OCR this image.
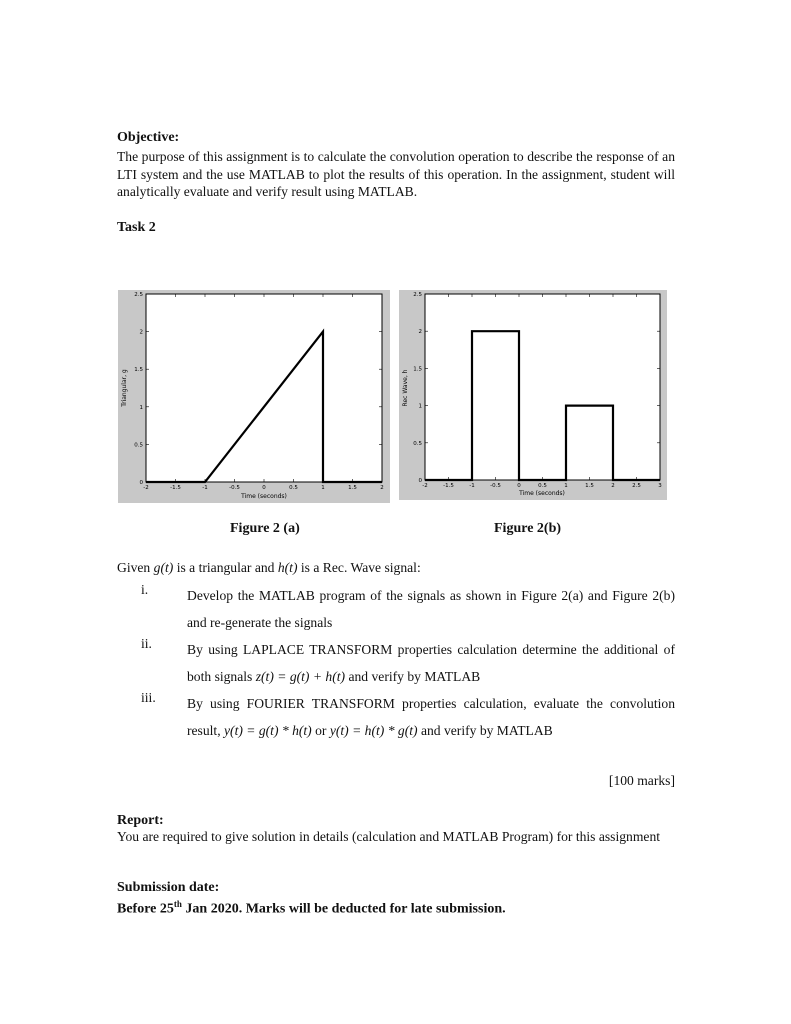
Objective:
The purpose of this assignment is to calculate the convolution operation to describe the response of an LTI system and the use MATLAB to plot the results of this operation. In the assignment, student will analytically evaluate and verify result using MATLAB.
Task 2
-2	-1.5	-1	-0.5	0	0.5	1	1.5	2
0
0.5
1
1.5
2
2.5
Triangular, g
Time (seconds)
-2	-1.5	-1	-0.5	0	0.5	1	1.5	2	2.5	3
0
0.5
1
1.5
2
2.5
Rec Wave, h
Time (seconds)
Figure 2 (a)	Figure 2(b)
Given g(t) is a triangular and h(t) is a Rec. Wave signal:
i.	Develop the MATLAB program of the signals as shown in Figure 2(a) and Figure 2(b) and re-generate the signals
ii.	By using LAPLACE TRANSFORM properties calculation determine the additional of both signals z(t) = g(t) + h(t) and verify by MATLAB
iii. By using FOURIER TRANSFORM properties calculation, evaluate the convolution result, y(t) = g(t) * h(t) or y(t) = h(t) * g(t) and verify by MATLAB
[100 marks]
Report:
You are required to give solution in details (calculation and MATLAB Program) for this assignment
Submission date:
Before 25th Jan 2020. Marks will be deducted for late submission.
